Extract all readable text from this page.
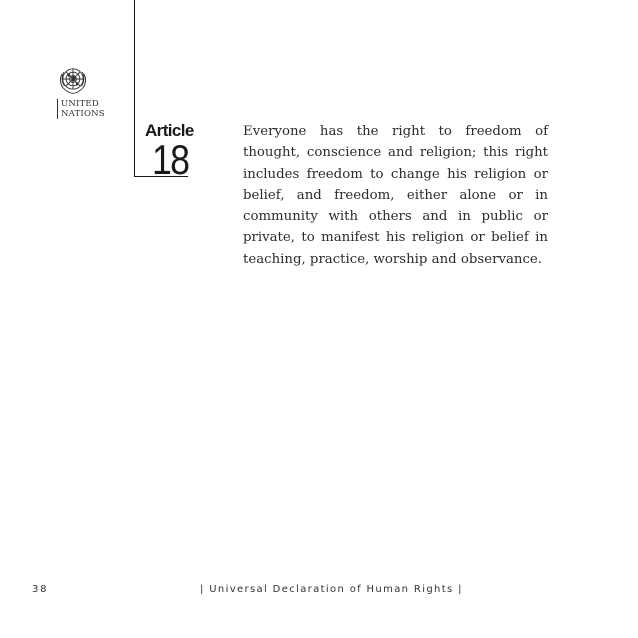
UNITED
NATIONS
Article
18
Everyone has the right to freedom of thought, conscience and religion; this right includes freedom to change his religion or belief, and freedom, either alone or in community with others and in public or private, to manifest his religion or belief in teaching, practice, worship and observance.
38	| Universal Declaration of Human Rights |
